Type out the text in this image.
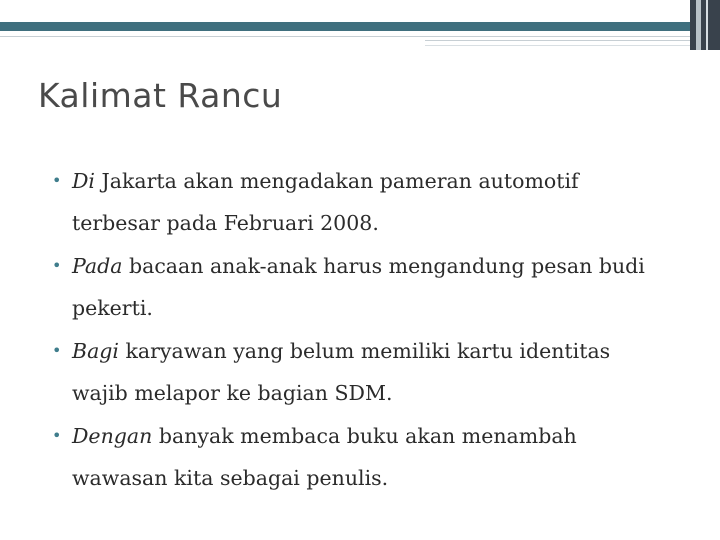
Kalimat Rancu
• Di Jakarta akan mengadakan pameran automotif terbesar pada Februari 2008.
• Pada bacaan anak-anak harus mengandung pesan budi pekerti.
• Bagi karyawan yang belum memiliki kartu identitas wajib melapor ke bagian SDM.
• Dengan banyak membaca buku akan menambah wawasan kita sebagai penulis.
